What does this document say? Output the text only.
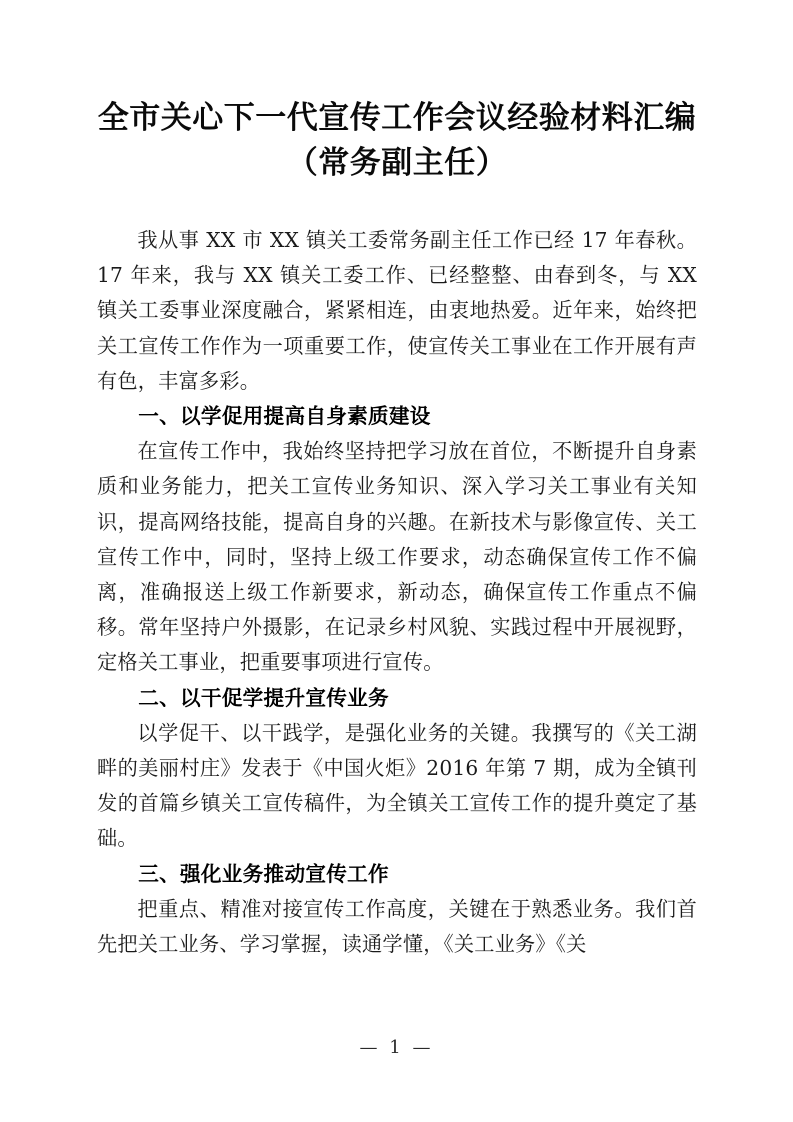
全市关心下一代宣传工作会议经验材料汇编（常务副主任）

我从事 XX 市 XX 镇关工委常务副主任工作已经 17 年春秋。17 年来，我与 XX 镇关工委工作、已经整整、由春到冬，与 XX 镇关工委事业深度融合，紧紧相连，由衷地热爱。近年来，始终把关工宣传工作作为一项重要工作，使宣传关工事业在工作开展有声有色，丰富多彩。

一、以学促用提高自身素质建设

在宣传工作中，我始终坚持把学习放在首位，不断提升自身素质和业务能力，把关工宣传业务知识、深入学习关工事业有关知识，提高网络技能，提高自身的兴趣。在新技术与影像宣传、关工宣传工作中，同时，坚持上级工作要求，动态确保宣传工作不偏离，准确报送上级工作新要求，新动态，确保宣传工作重点不偏移。常年坚持户外摄影，在记录乡村风貌、实践过程中开展视野，定格关工事业，把重要事项进行宣传。

二、以干促学提升宣传业务

以学促干、以干践学，是强化业务的关键。我撰写的《关工湖畔的美丽村庄》发表于《中国火炬》2016 年第 7 期，成为全镇刊发的首篇乡镇关工宣传稿件，为全镇关工宣传工作的提升奠定了基础。

三、强化业务推动宣传工作

把重点、精准对接宣传工作高度，关键在于熟悉业务。我们首先把关工业务、学习掌握，读通学懂，《关工业务》《关

— 1 —
